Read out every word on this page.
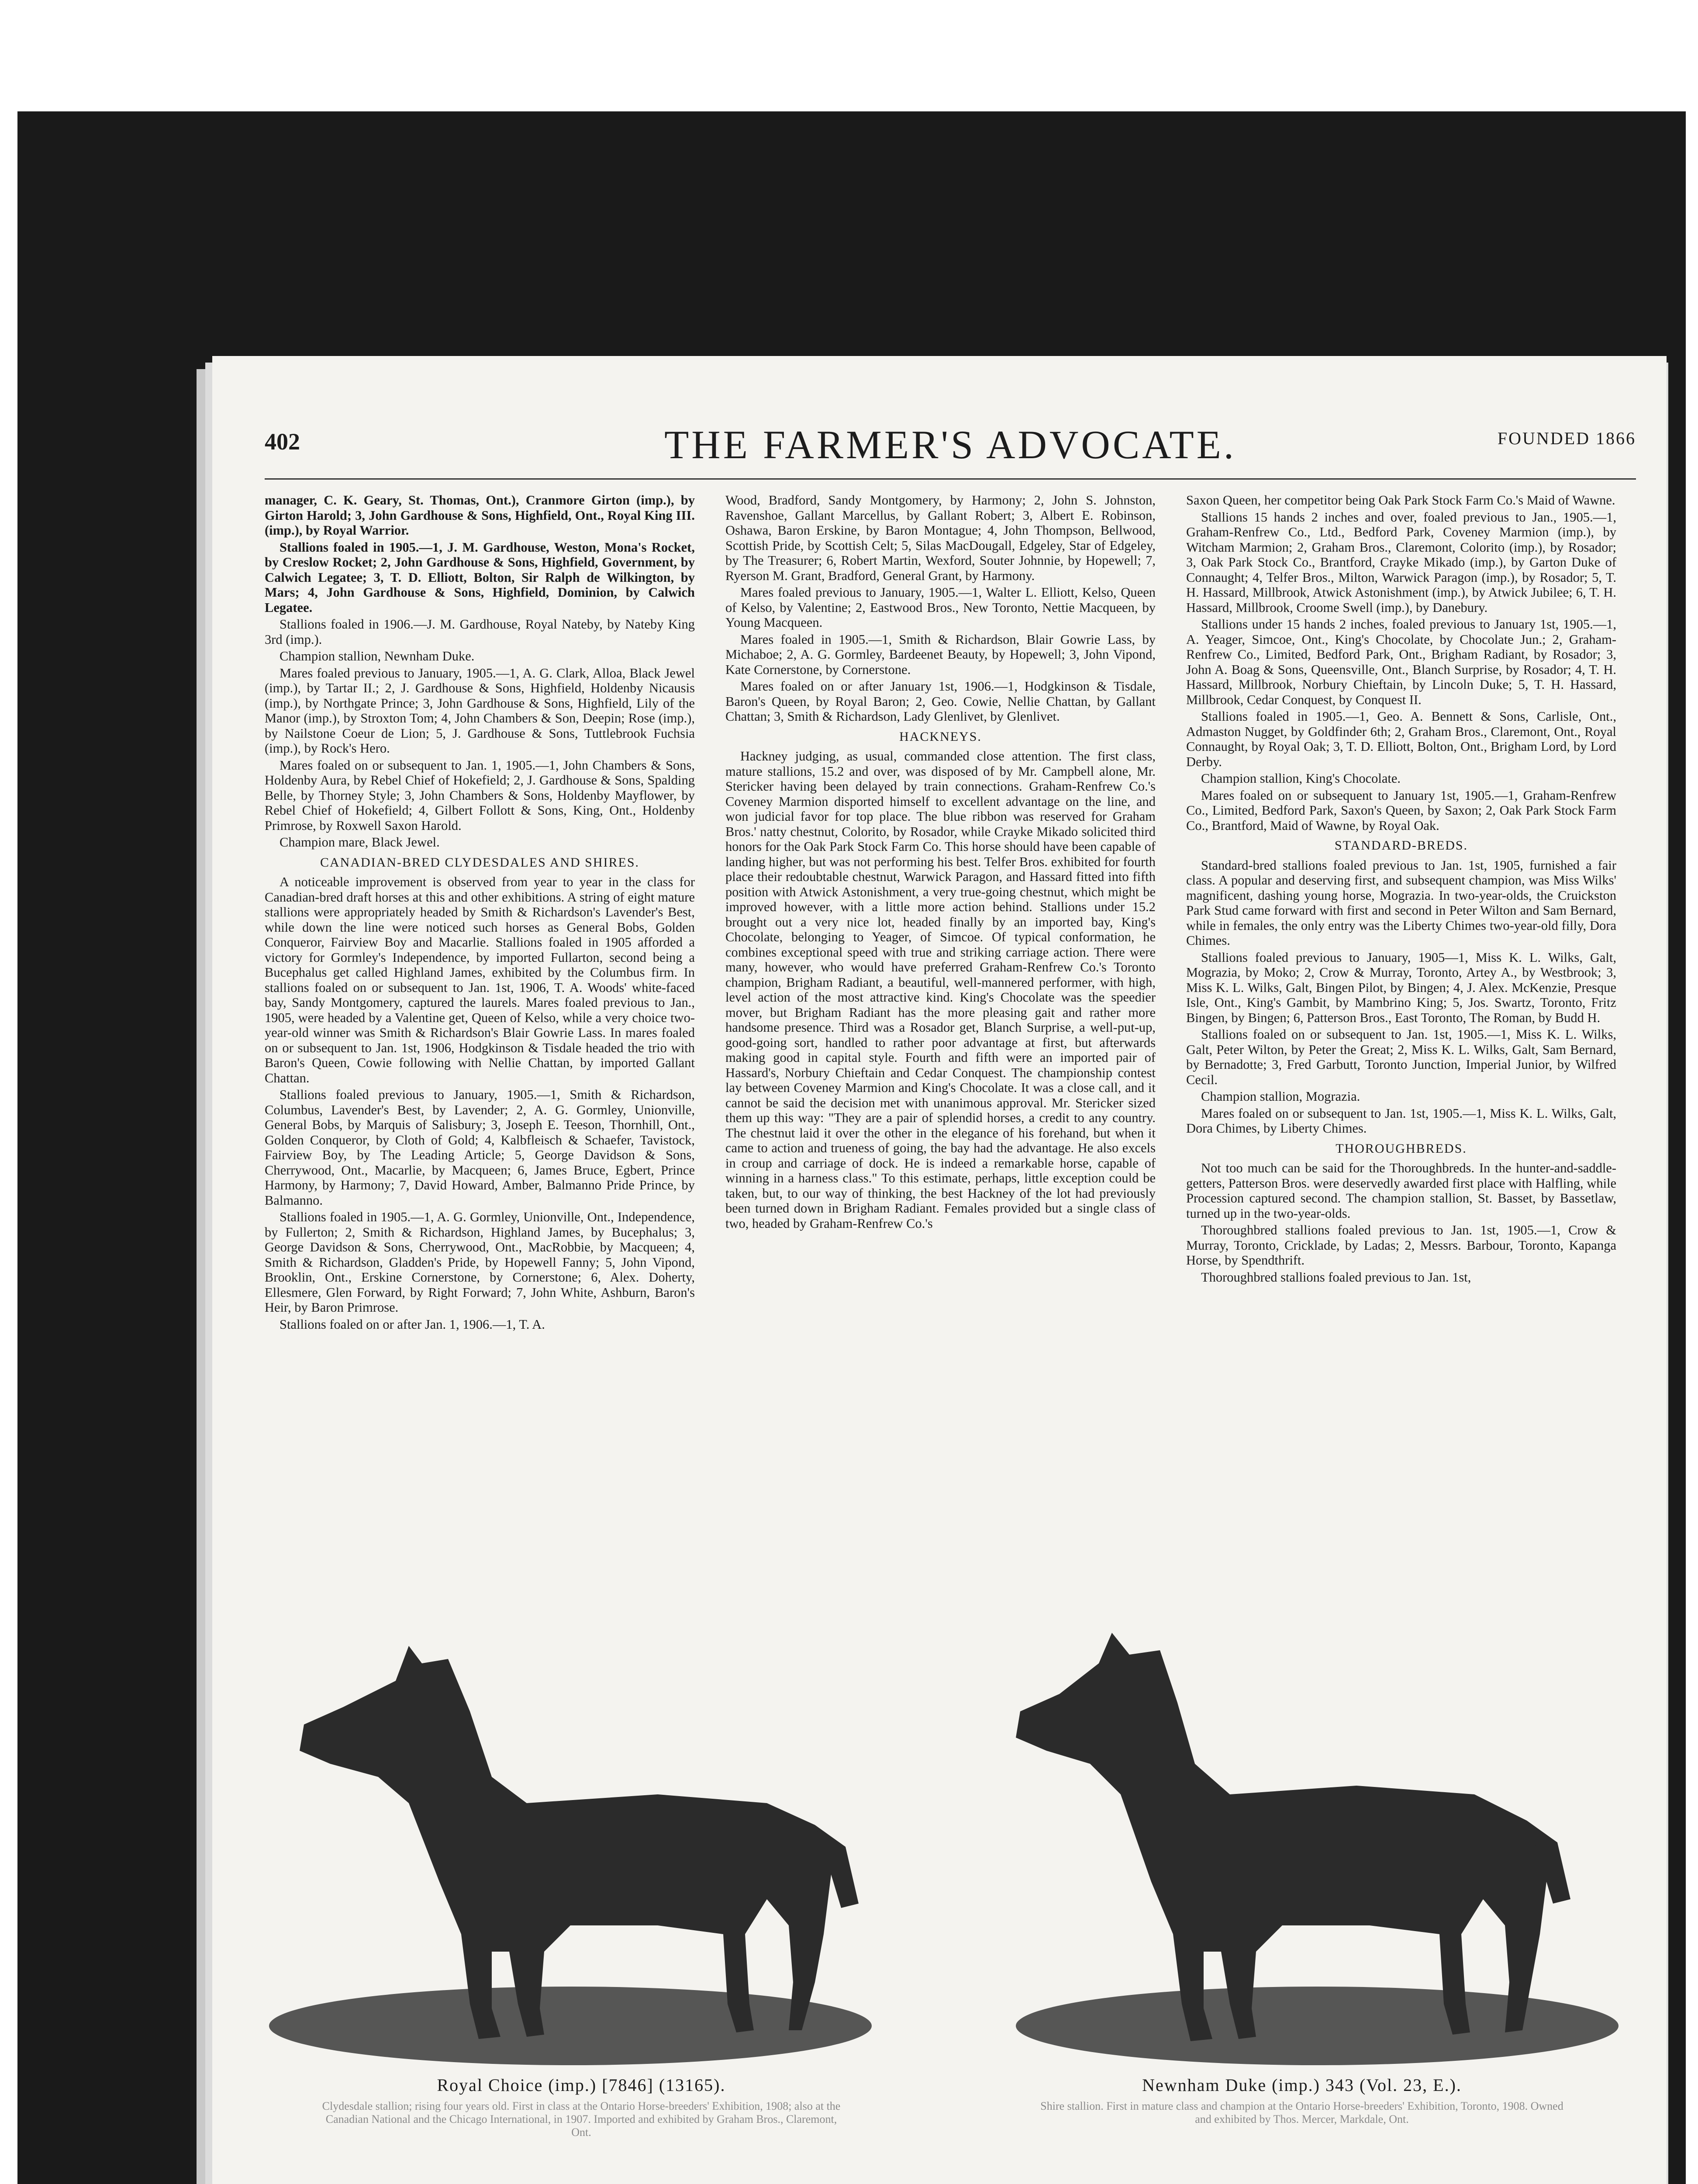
402	THE FARMER'S ADVOCATE.	FOUNDED 1866

manager, C. K. Geary, St. Thomas, Ont.), Cranmore Girton (imp.), by Girton Harold; 3, John Gardhouse & Sons, Highfield, Ont., Royal King III. (imp.), by Royal Warrior.

Stallions foaled in 1905.—1, J. M. Gardhouse, Weston, Mona's Rocket, by Creslow Rocket; 2, John Gardhouse & Sons, Highfield, Government, by Calwich Legatee; 3, T. D. Elliott, Bolton, Sir Ralph de Wilkington, by Mars; 4, John Gardhouse & Sons, Highfield, Dominion, by Calwich Legatee.

Stallions foaled in 1906.—J. M. Gardhouse, Royal Nateby, by Nateby King 3rd (imp.).

Champion stallion, Newnham Duke.

Mares foaled previous to January, 1905.—1, A. G. Clark, Alloa, Black Jewel (imp.), by Tartar II.; 2, J. Gardhouse & Sons, Highfield, Holdenby Nicausis (imp.), by Northgate Prince; 3, John Gardhouse & Sons, Highfield, Lily of the Manor (imp.), by Stroxton Tom; 4, John Chambers & Son, Deepin; Rose (imp.), by Nailstone Coeur de Lion; 5, J. Gardhouse & Sons, Tuttlebrook Fuchsia (imp.), by Rock's Hero.

Mares foaled on or subsequent to Jan. 1, 1905.—1, John Chambers & Sons, Holdenby Aura, by Rebel Chief of Hokefield; 2, J. Gardhouse & Sons, Spalding Belle, by Thorney Style; 3, John Chambers & Sons, Holdenby Mayflower, by Rebel Chief of Hokefield; 4, Gilbert Follott & Sons, King, Ont., Holdenby Primrose, by Roxwell Saxon Harold.

Champion mare, Black Jewel.

CANADIAN-BRED CLYDESDALES AND SHIRES.

A noticeable improvement is observed from year to year in the class for Canadian-bred draft horses at this and other exhibitions. A string of eight mature stallions were appropriately headed by Smith & Richardson's Lavender's Best, while down the line were noticed such horses as General Bobs, Golden Conqueror, Fairview Boy and Macarlie. Stallions foaled in 1905 afforded a victory for Gormley's Independence, by imported Fullarton, second being a Bucephalus get called Highland James, exhibited by the Columbus firm. In stallions foaled on or subsequent to Jan. 1st, 1906, T. A. Woods' white-faced bay, Sandy Montgomery, captured the laurels. Mares foaled previous to Jan., 1905, were headed by a Valentine get, Queen of Kelso, while a very choice two-year-old winner was Smith & Richardson's Blair Gowrie Lass. In mares foaled on or subsequent to Jan. 1st, 1906, Hodgkinson & Tisdale headed the trio with Baron's Queen, Cowie following with Nellie Chattan, by imported Gallant Chattan.

Stallions foaled previous to January, 1905.—1, Smith & Richardson, Columbus, Lavender's Best, by Lavender; 2, A. G. Gormley, Unionville, General Bobs, by Marquis of Salisbury; 3, Joseph E. Teeson, Thornhill, Ont., Golden Conqueror, by Cloth of Gold; 4, Kalbfleisch & Schaefer, Tavistock, Fairview Boy, by The Leading Article; 5, George Davidson & Sons, Cherrywood, Ont., Macarlie, by Macqueen; 6, James Bruce, Egbert, Prince Harmony, by Harmony; 7, David Howard, Amber, Balmanno Pride Prince, by Balmanno.

Stallions foaled in 1905.—1, A. G. Gormley, Unionville, Ont., Independence, by Fullerton; 2, Smith & Richardson, Highland James, by Bucephalus; 3, George Davidson & Sons, Cherrywood, Ont., MacRobbie, by Macqueen; 4, Smith & Richardson, Gladden's Pride, by Hopewell Fanny; 5, John Vipond, Brooklin, Ont., Erskine Cornerstone, by Cornerstone; 6, Alex. Doherty, Ellesmere, Glen Forward, by Right Forward; 7, John White, Ashburn, Baron's Heir, by Baron Primrose.

Stallions foaled on or after Jan. 1, 1906.—1, T. A.

Wood, Bradford, Sandy Montgomery, by Harmony; 2, John S. Johnston, Ravenshoe, Gallant Marcellus, by Gallant Robert; 3, Albert E. Robinson, Oshawa, Baron Erskine, by Baron Montague; 4, John Thompson, Bellwood, Scottish Pride, by Scottish Celt; 5, Silas MacDougall, Edgeley, Star of Edgeley, by The Treasurer; 6, Robert Martin, Wexford, Souter Johnnie, by Hopewell; 7, Ryerson M. Grant, Bradford, General Grant, by Harmony.

Mares foaled previous to January, 1905.—1, Walter L. Elliott, Kelso, Queen of Kelso, by Valentine; 2, Eastwood Bros., New Toronto, Nettie Macqueen, by Young Macqueen.

Mares foaled in 1905.—1, Smith & Richardson, Blair Gowrie Lass, by Michaboe; 2, A. G. Gormley, Bardeenet Beauty, by Hopewell; 3, John Vipond, Kate Cornerstone, by Cornerstone.

Mares foaled on or after January 1st, 1906.—1, Hodgkinson & Tisdale, Baron's Queen, by Royal Baron; 2, Geo. Cowie, Nellie Chattan, by Gallant Chattan; 3, Smith & Richardson, Lady Glenlivet, by Glenlivet.

HACKNEYS.

Hackney judging, as usual, commanded close attention. The first class, mature stallions, 15.2 and over, was disposed of by Mr. Campbell alone, Mr. Stericker having been delayed by train connections. Graham-Renfrew Co.'s Coveney Marmion disported himself to excellent advantage on the line, and won judicial favor for top place. The blue ribbon was reserved for Graham Bros.' natty chestnut, Colorito, by Rosador, while Crayke Mikado solicited third honors for the Oak Park Stock Farm Co. This horse should have been capable of landing higher, but was not performing his best. Telfer Bros. exhibited for fourth place their redoubtable chestnut, Warwick Paragon, and Hassard fitted into fifth position with Atwick Astonishment, a very true-going chestnut, which might be improved however, with a little more action behind. Stallions under 15.2 brought out a very nice lot, headed finally by an imported bay, King's Chocolate, belonging to Yeager, of Simcoe. Of typical conformation, he combines exceptional speed with true and striking carriage action. There were many, however, who would have preferred Graham-Renfrew Co.'s Toronto champion, Brigham Radiant, a beautiful, well-mannered performer, with high, level action of the most attractive kind. King's Chocolate was the speedier mover, but Brigham Radiant has the more pleasing gait and rather more handsome presence. Third was a Rosador get, Blanch Surprise, a well-put-up, good-going sort, handled to rather poor advantage at first, but afterwards making good in capital style. Fourth and fifth were an imported pair of Hassard's, Norbury Chieftain and Cedar Conquest. The championship contest lay between Coveney Marmion and King's Chocolate. It was a close call, and it cannot be said the decision met with unanimous approval. Mr. Stericker sized them up this way: "They are a pair of splendid horses, a credit to any country. The chestnut laid it over the other in the elegance of his forehand, but when it came to action and trueness of going, the bay had the advantage. He also excels in croup and carriage of dock. He is indeed a remarkable horse, capable of winning in a harness class." To this estimate, perhaps, little exception could be taken, but, to our way of thinking, the best Hackney of the lot had previously been turned down in Brigham Radiant. Females provided but a single class of two, headed by Graham-Renfrew Co.'s

Saxon Queen, her competitor being Oak Park Stock Farm Co.'s Maid of Wawne.

Stallions 15 hands 2 inches and over, foaled previous to Jan., 1905.—1, Graham-Renfrew Co., Ltd., Bedford Park, Coveney Marmion (imp.), by Witcham Marmion; 2, Graham Bros., Claremont, Colorito (imp.), by Rosador; 3, Oak Park Stock Co., Brantford, Crayke Mikado (imp.), by Garton Duke of Connaught; 4, Telfer Bros., Milton, Warwick Paragon (imp.), by Rosador; 5, T. H. Hassard, Millbrook, Atwick Astonishment (imp.), by Atwick Jubilee; 6, T. H. Hassard, Millbrook, Croome Swell (imp.), by Danebury.

Stallions under 15 hands 2 inches, foaled previous to January 1st, 1905.—1, A. Yeager, Simcoe, Ont., King's Chocolate, by Chocolate Jun.; 2, Graham-Renfrew Co., Limited, Bedford Park, Ont., Brigham Radiant, by Rosador; 3, John A. Boag & Sons, Queensville, Ont., Blanch Surprise, by Rosador; 4, T. H. Hassard, Millbrook, Norbury Chieftain, by Lincoln Duke; 5, T. H. Hassard, Millbrook, Cedar Conquest, by Conquest II.

Stallions foaled in 1905.—1, Geo. A. Bennett & Sons, Carlisle, Ont., Admaston Nugget, by Goldfinder 6th; 2, Graham Bros., Claremont, Ont., Royal Connaught, by Royal Oak; 3, T. D. Elliott, Bolton, Ont., Brigham Lord, by Lord Derby.

Champion stallion, King's Chocolate.

Mares foaled on or subsequent to January 1st, 1905.—1, Graham-Renfrew Co., Limited, Bedford Park, Saxon's Queen, by Saxon; 2, Oak Park Stock Farm Co., Brantford, Maid of Wawne, by Royal Oak.

STANDARD-BREDS.

Standard-bred stallions foaled previous to Jan. 1st, 1905, furnished a fair class. A popular and deserving first, and subsequent champion, was Miss Wilks' magnificent, dashing young horse, Mograzia. In two-year-olds, the Cruickston Park Stud came forward with first and second in Peter Wilton and Sam Bernard, while in females, the only entry was the Liberty Chimes two-year-old filly, Dora Chimes.

Stallions foaled previous to January, 1905—1, Miss K. L. Wilks, Galt, Mograzia, by Moko; 2, Crow & Murray, Toronto, Artey A., by Westbrook; 3, Miss K. L. Wilks, Galt, Bingen Pilot, by Bingen; 4, J. Alex. McKenzie, Presque Isle, Ont., King's Gambit, by Mambrino King; 5, Jos. Swartz, Toronto, Fritz Bingen, by Bingen; 6, Patterson Bros., East Toronto, The Roman, by Budd H.

Stallions foaled on or subsequent to Jan. 1st, 1905.—1, Miss K. L. Wilks, Galt, Peter Wilton, by Peter the Great; 2, Miss K. L. Wilks, Galt, Sam Bernard, by Bernadotte; 3, Fred Garbutt, Toronto Junction, Imperial Junior, by Wilfred Cecil.

Champion stallion, Mograzia.

Mares foaled on or subsequent to Jan. 1st, 1905.—1, Miss K. L. Wilks, Galt, Dora Chimes, by Liberty Chimes.

THOROUGHBREDS.

Not too much can be said for the Thoroughbreds. In the hunter-and-saddle-getters, Patterson Bros. were deservedly awarded first place with Halfling, while Procession captured second. The champion stallion, St. Basset, by Bassetlaw, turned up in the two-year-olds.

Thoroughbred stallions foaled previous to Jan. 1st, 1905.—1, Crow & Murray, Toronto, Cricklade, by Ladas; 2, Messrs. Barbour, Toronto, Kapanga Horse, by Spendthrift.

Thoroughbred stallions foaled previous to Jan. 1st,

Royal Choice (imp.) [7846] (13165).
Clydesdale stallion; rising four years old. First in class at the Ontario Horse-breeders' Exhibition, 1908; also at the Canadian National and the Chicago International, in 1907. Imported and exhibited by Graham Bros., Claremont, Ont.
Newnham Duke (imp.) 343 (Vol. 23, E.).
Shire stallion. First in mature class and champion at the Ontario Horse-breeders' Exhibition, Toronto, 1908. Owned and exhibited by Thos. Mercer, Markdale, Ont.
